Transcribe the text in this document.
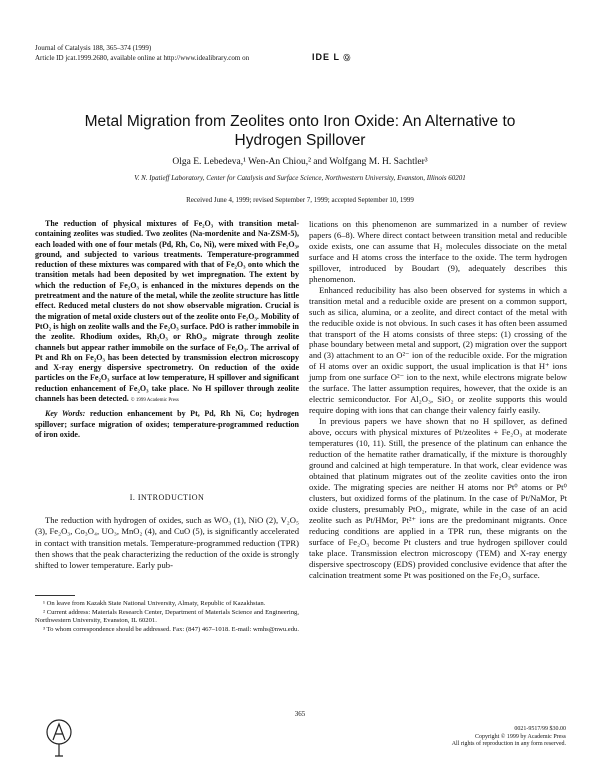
Journal of Catalysis 188, 365–374 (1999)
Article ID jcat.1999.2680, available online at http://www.idealibrary.com on	IDE L Ⓠ
Metal Migration from Zeolites onto Iron Oxide: An Alternative to Hydrogen Spillover
Olga E. Lebedeva,¹ Wen-An Chiou,² and Wolfgang M. H. Sachtler³
V. N. Ipatieff Laboratory, Center for Catalysis and Surface Science, Northwestern University, Evanston, Illinois 60201
Received June 4, 1999; revised September 7, 1999; accepted September 10, 1999

The reduction of physical mixtures of Fe₂O₃ with transition metal-containing zeolites was studied. Two zeolites (Na-mordenite and Na-ZSM-5), each loaded with one of four metals (Pd, Rh, Co, Ni), were mixed with Fe₂O₃, ground, and subjected to various treatments. Temperature-programmed reduction of these mixtures was compared with that of Fe₂O₃ onto which the transition metals had been deposited by wet impregnation. The extent by which the reduction of Fe₂O₃ is enhanced in the mixtures depends on the pretreatment and the nature of the metal, while the zeolite structure has little effect. Reduced metal clusters do not show observable migration. Crucial is the migration of metal oxide clusters out of the zeolite onto Fe₂O₃. Mobility of PtO₂ is high on zeolite walls and the Fe₂O₃ surface. PdO is rather immobile in the zeolite. Rhodium oxides, Rh₂O₃ or RhO₂, migrate through zeolite channels but appear rather immobile on the surface of Fe₂O₃. The arrival of Pt and Rh on Fe₂O₃ has been detected by transmission electron microscopy and X-ray energy dispersive spectrometry. On reduction of the oxide particles on the Fe₂O₃ surface at low temperature, H spillover and significant reduction enhancement of Fe₂O₃ take place. No H spillover through zeolite channels has been detected. © 1999 Academic Press

Key Words: reduction enhancement by Pt, Pd, Rh Ni, Co; hydrogen spillover; surface migration of oxides; temperature-programmed reduction of iron oxide.

I. INTRODUCTION

The reduction with hydrogen of oxides, such as WO₃ (1), NiO (2), V₂O₅ (3), Fe₂O₃, Co₃O₄, UO₃, MnO₂ (4), and CuO (5), is significantly accelerated in contact with transition metals. Temperature-programmed reduction (TPR) then shows that the peak characterizing the reduction of the oxide is strongly shifted to lower temperature. Early pub-

¹ On leave from Kazakh State National University, Almaty, Republic of Kazakhstan.

² Current address: Materials Research Center, Department of Materials Science and Engineering, Northwestern University, Evanston, IL 60201.

³ To whom correspondence should be addressed. Fax: (847) 467–1018. E-mail: wmhs@nwu.edu.

lications on this phenomenon are summarized in a number of review papers (6–8). Where direct contact between transition metal and reducible oxide exists, one can assume that H₂ molecules dissociate on the metal surface and H atoms cross the interface to the oxide. The term hydrogen spillover, introduced by Boudart (9), adequately describes this phenomenon.

Enhanced reducibility has also been observed for systems in which a transition metal and a reducible oxide are present on a common support, such as silica, alumina, or a zeolite, and direct contact of the metal with the reducible oxide is not obvious. In such cases it has often been assumed that transport of the H atoms consists of three steps: (1) crossing of the phase boundary between metal and support, (2) migration over the support and (3) attachment to an O²⁻ ion of the reducible oxide. For the migration of H atoms over an oxidic support, the usual implication is that H⁺ ions jump from one surface O²⁻ ion to the next, while electrons migrate below the surface. The latter assumption requires, however, that the oxide is an electric semiconductor. For Al₂O₃, SiO₂ or zeolite supports this would require doping with ions that can change their valency fairly easily.

In previous papers we have shown that no H spillover, as defined above, occurs with physical mixtures of Pt/zeolites + Fe₂O₃ at moderate temperatures (10, 11). Still, the presence of the platinum can enhance the reduction of the hematite rather dramatically, if the mixture is thoroughly ground and calcined at high temperature. In that work, clear evidence was obtained that platinum migrates out of the zeolite cavities onto the iron oxide. The migrating species are neither H atoms nor Pt⁰ atoms or Pt⁰ clusters, but oxidized forms of the platinum. In the case of Pt/NaMor, Pt oxide clusters, presumably PtO₂, migrate, while in the case of an acid zeolite such as Pt/HMor, Pt²⁺ ions are the predominant migrants. Once reducing conditions are applied in a TPR run, these migrants on the surface of Fe₂O₃ become Pt clusters and true hydrogen spillover could take place. Transmission electron microscopy (TEM) and X-ray energy dispersive spectroscopy (EDS) provided conclusive evidence that after the calcination treatment some Pt was positioned on the Fe₂O₃ surface.

365
0021-9517/99 $30.00
Copyright © 1999 by Academic Press
All rights of reproduction in any form reserved.
